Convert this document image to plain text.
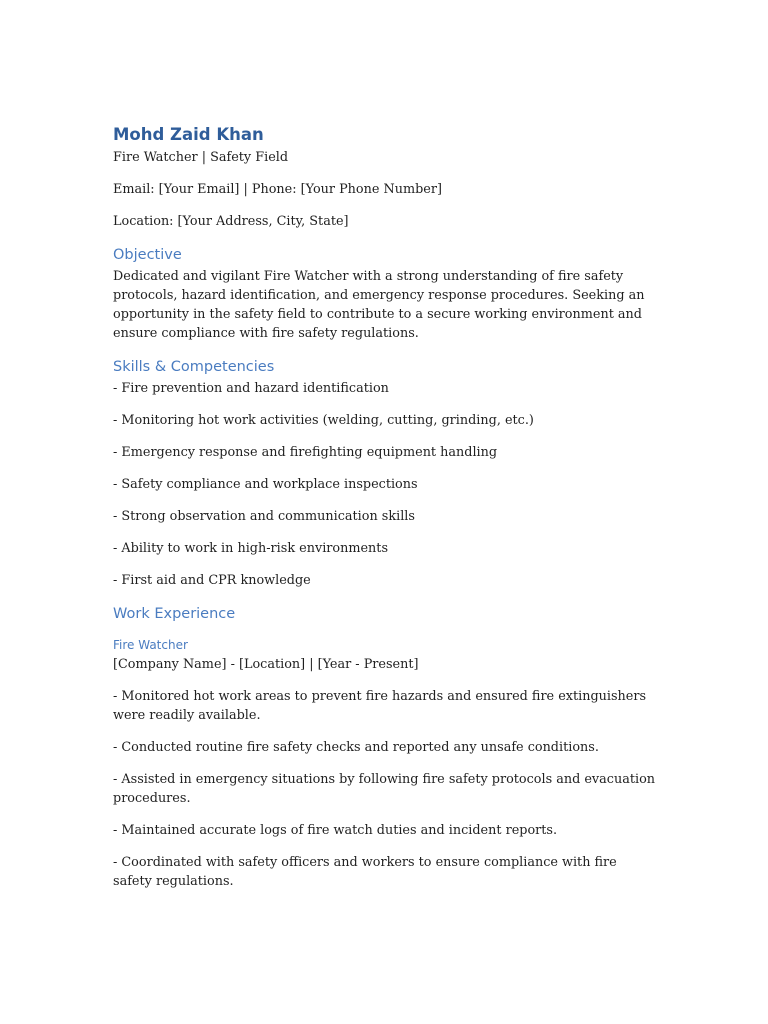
Mohd Zaid Khan

Fire Watcher | Safety Field

Email: [Your Email] | Phone: [Your Phone Number]

Location: [Your Address, City, State]

Objective

Dedicated and vigilant Fire Watcher with a strong understanding of fire safety protocols, hazard identification, and emergency response procedures. Seeking an opportunity in the safety field to contribute to a secure working environment and ensure compliance with fire safety regulations.

Skills & Competencies

- Fire prevention and hazard identification

- Monitoring hot work activities (welding, cutting, grinding, etc.)

- Emergency response and firefighting equipment handling

- Safety compliance and workplace inspections

- Strong observation and communication skills

- Ability to work in high-risk environments

- First aid and CPR knowledge

Work Experience
Fire Watcher

[Company Name] - [Location] | [Year - Present]

- Monitored hot work areas to prevent fire hazards and ensured fire extinguishers were readily available.

- Conducted routine fire safety checks and reported any unsafe conditions.

- Assisted in emergency situations by following fire safety protocols and evacuation procedures.

- Maintained accurate logs of fire watch duties and incident reports.

- Coordinated with safety officers and workers to ensure compliance with fire safety regulations.
